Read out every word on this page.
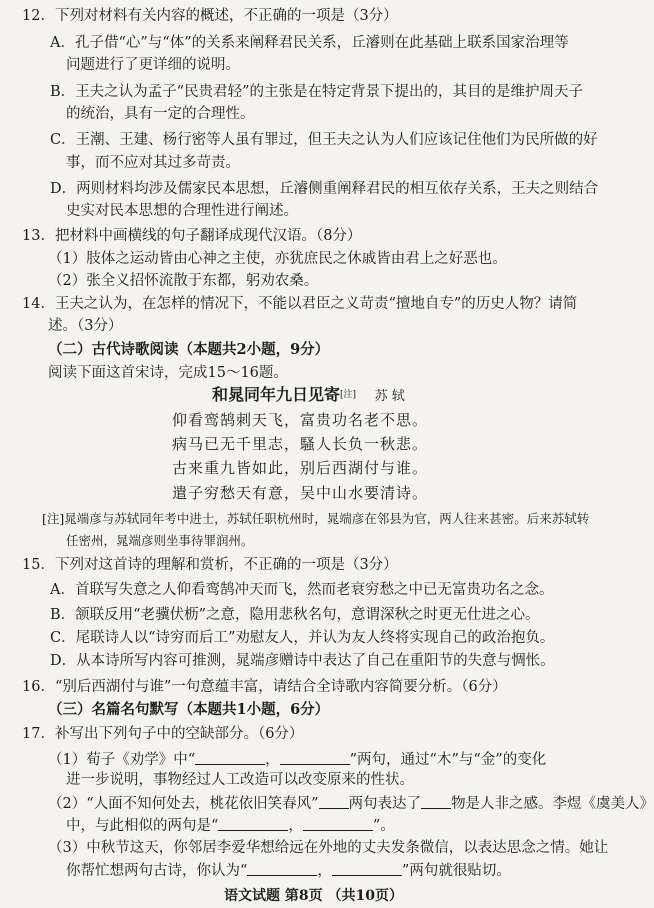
12．下列对材料有关内容的概述，不正确的一项是（3分）
A．孔子借“心”与“体”的关系来阐释君民关系，丘濬则在此基础上联系国家治理等
问题进行了更详细的说明。
B．王夫之认为孟子“民贵君轻”的主张是在特定背景下提出的，其目的是维护周天子
的统治，具有一定的合理性。
C．王潮、王建、杨行密等人虽有罪过，但王夫之认为人们应该记住他们为民所做的好
事，而不应对其过多苛责。
D．两则材料均涉及儒家民本思想，丘濬侧重阐释君民的相互依存关系，王夫之则结合
史实对民本思想的合理性进行阐述。
13．把材料中画横线的句子翻译成现代汉语。（8分）
（1）肢体之运动皆由心神之主使，亦犹庶民之休戚皆由君上之好恶也。
（2）张全义招怀流散于东都，躬劝农桑。
14．王夫之认为，在怎样的情况下，不能以君臣之义苛责“擅地自专”的历史人物？请简
述。（3分）
（二）古代诗歌阅读（本题共2小题，9分）
阅读下面这首宋诗，完成15～16题。
和晁同年九日见寄[注] 苏 轼
仰看鸾鹄刺天飞，富贵功名老不思。
病马已无千里志，騷人长负一秋悲。
古来重九皆如此，别后西湖付与谁。
遣子穷愁天有意，吴中山水要清诗。
[注]晁端彦与苏轼同年考中进士，苏轼任职杭州时，晁端彦在邻县为官，两人往来甚密。后来苏轼转
任密州，晁端彦则坐事待罪润州。
15．下列对这首诗的理解和赏析，不正确的一项是（3分）
A．首联写失意之人仰看鸾鹄冲天而飞，然而老衰穷愁之中已无富贵功名之念。
B．颔联反用“老骥伏枥”之意，隐用悲秋名句，意谓深秋之时更无仕进之心。
C．尾联诗人以“诗穷而后工”劝慰友人，并认为友人终将实现自己的政治抱负。
D．从本诗所写内容可推测，晁端彦赠诗中表达了自己在重阳节的失意与惆怅。
16．“别后西湖付与谁”一句意蕴丰富，请结合全诗歌内容简要分析。（6分）
（三）名篇名句默写（本题共1小题，6分）
17．补写出下列句子中的空缺部分。（6分）
（1）荀子《劝学》中“	，	”两句，通过“木”与“金”的变化
进一步说明，事物经过人工改造可以改变原来的性状。
（2）“人面不知何处去，桃花依旧笑春风” 两句表达了 物是人非之感。李煜《虞美人》
中，与此相似的两句是“	，	”。
（3）中秋节这天，你邻居李爱华想给远在外地的丈夫发条微信，以表达思念之情。她让
你帮忙想两句古诗，你认为“	，	”两句就很贴切。
语文试题 第8页 （共10页）
